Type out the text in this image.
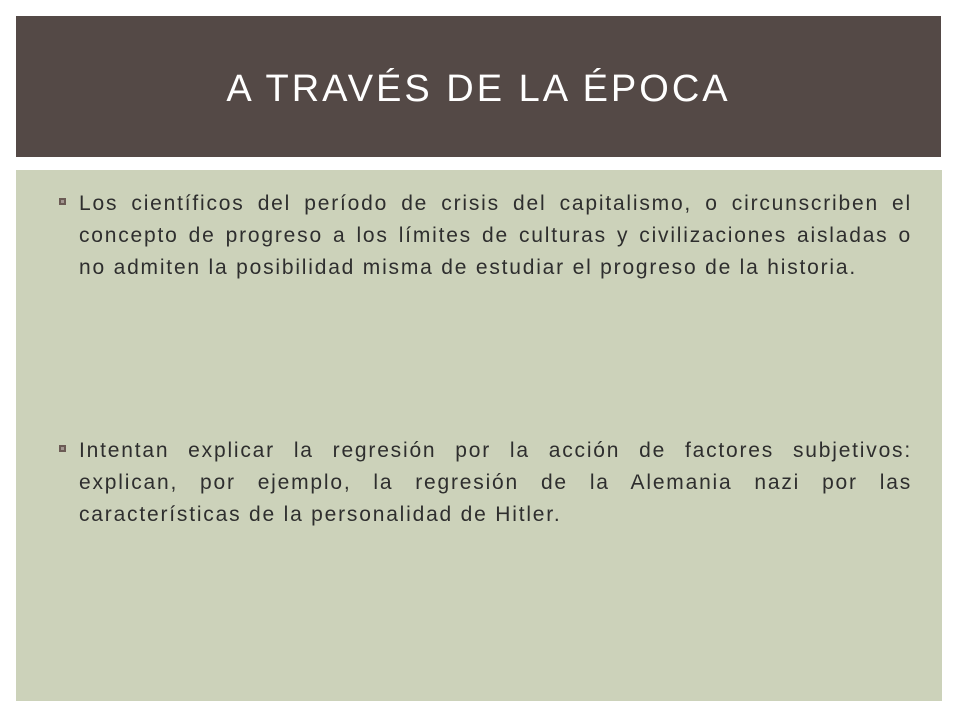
A TRAVÉS DE LA ÉPOCA

Los científicos del período de crisis del capitalismo, o circunscriben el concepto de progreso a los límites de culturas y civilizaciones aisladas o no admiten la posibilidad misma de estudiar el progreso de la historia.

Intentan explicar la regresión por la acción de factores subjetivos: explican, por ejemplo, la regresión de la Alemania nazi por las características de la personalidad de Hitler.
